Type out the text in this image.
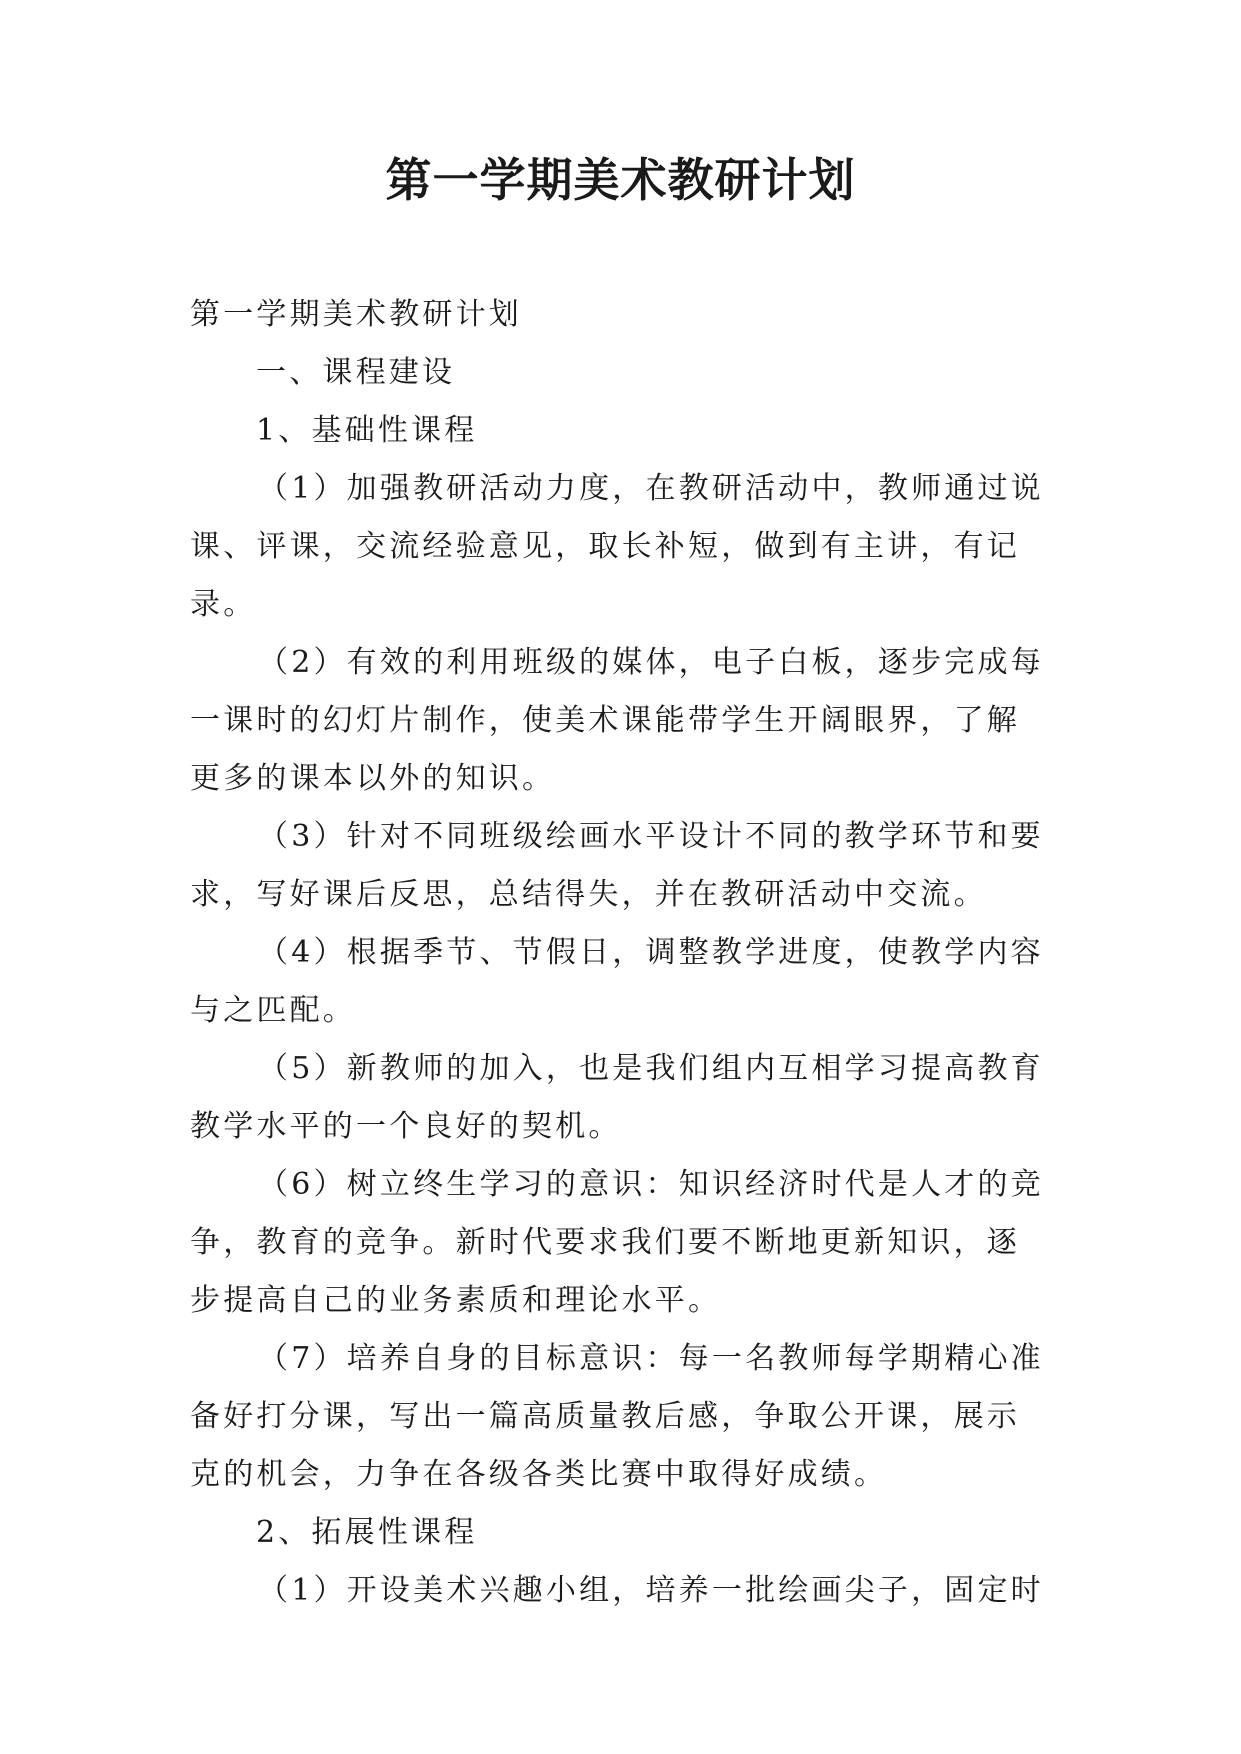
第一学期美术教研计划

第一学期美术教研计划

一、课程建设

1、基础性课程

（1）加强教研活动力度，在教研活动中，教师通过说课、评课，交流经验意见，取长补短，做到有主讲，有记录。

（2）有效的利用班级的媒体，电子白板，逐步完成每一课时的幻灯片制作，使美术课能带学生开阔眼界，了解更多的课本以外的知识。

（3）针对不同班级绘画水平设计不同的教学环节和要求，写好课后反思，总结得失，并在教研活动中交流。

（4）根据季节、节假日，调整教学进度，使教学内容与之匹配。

（5）新教师的加入，也是我们组内互相学习提高教育教学水平的一个良好的契机。

（6）树立终生学习的意识：知识经济时代是人才的竞争，教育的竞争。新时代要求我们要不断地更新知识，逐步提高自己的业务素质和理论水平。

（7）培养自身的目标意识：每一名教师每学期精心准备好打分课，写出一篇高质量教后感，争取公开课，展示克的机会，力争在各级各类比赛中取得好成绩。

2、拓展性课程

（1）开设美术兴趣小组，培养一批绘画尖子，固定时
